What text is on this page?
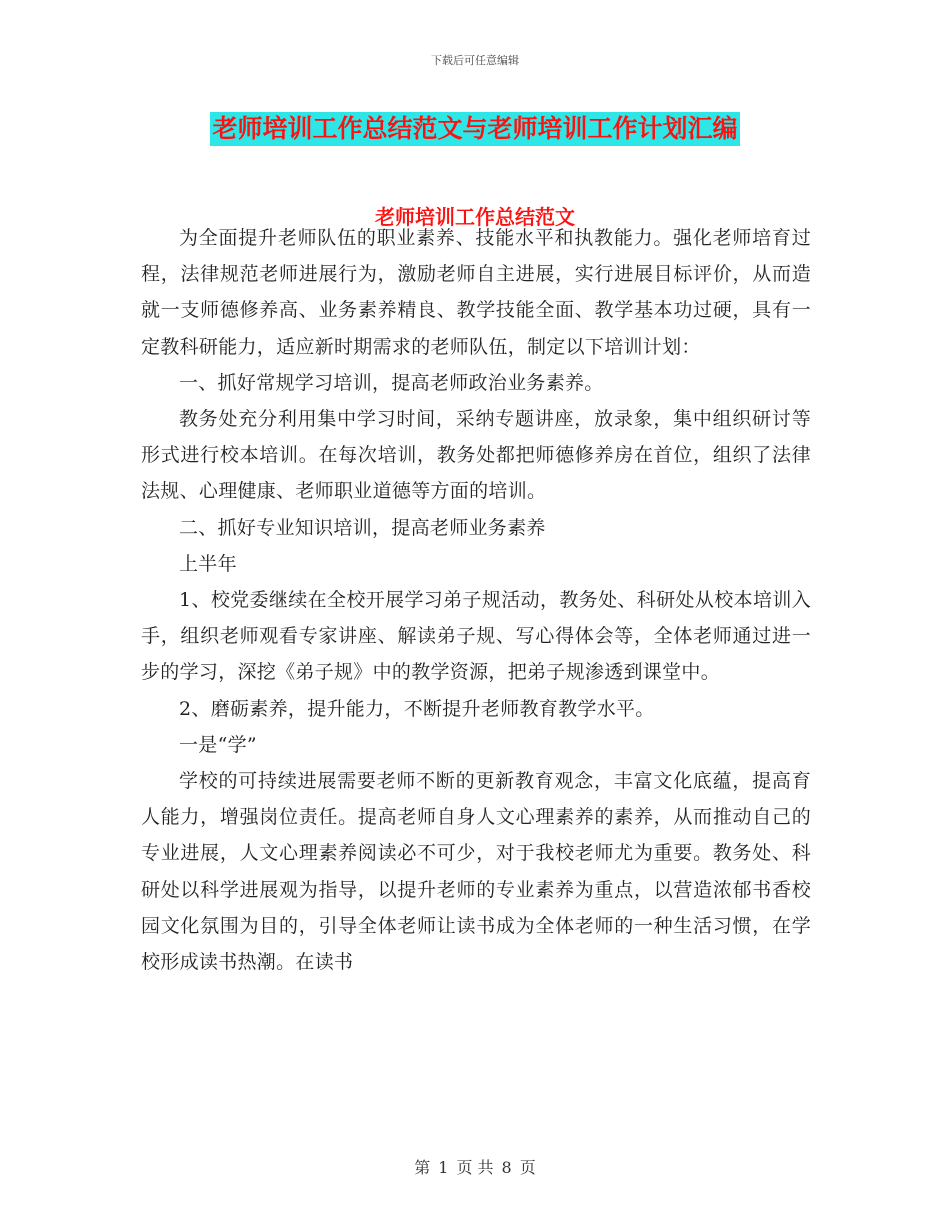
下载后可任意编辑
老师培训工作总结范文与老师培训工作计划汇编
老师培训工作总结范文

为全面提升老师队伍的职业素养、技能水平和执教能力。强化老师培育过程，法律规范老师进展行为，激励老师自主进展，实行进展目标评价，从而造就一支师德修养高、业务素养精良、教学技能全面、教学基本功过硬，具有一定教科研能力，适应新时期需求的老师队伍，制定以下培训计划：

一、抓好常规学习培训，提高老师政治业务素养。

教务处充分利用集中学习时间，采纳专题讲座，放录象，集中组织研讨等形式进行校本培训。在每次培训，教务处都把师德修养房在首位，组织了法律法规、心理健康、老师职业道德等方面的培训。

二、抓好专业知识培训，提高老师业务素养

上半年

1、校党委继续在全校开展学习弟子规活动，教务处、科研处从校本培训入手，组织老师观看专家讲座、解读弟子规、写心得体会等，全体老师通过进一步的学习，深挖《弟子规》中的教学资源，把弟子规渗透到课堂中。

2、磨砺素养，提升能力，不断提升老师教育教学水平。

一是“学”

学校的可持续进展需要老师不断的更新教育观念，丰富文化底蕴，提高育人能力，增强岗位责任。提高老师自身人文心理素养的素养，从而推动自己的专业进展，人文心理素养阅读必不可少，对于我校老师尤为重要。教务处、科研处以科学进展观为指导，以提升老师的专业素养为重点，以营造浓郁书香校园文化氛围为目的，引导全体老师让读书成为全体老师的一种生活习惯，在学校形成读书热潮。在读书

第 1 页 共 8 页
